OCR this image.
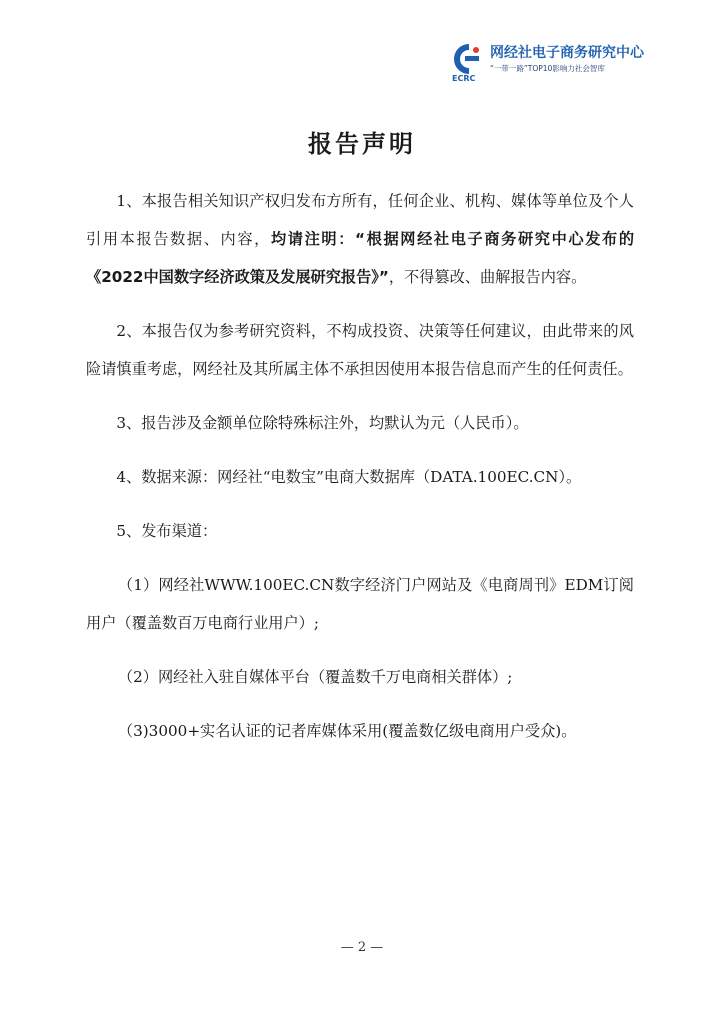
ECRC
网经社电子商务研究中心
“一带一路”TOP10影响力社会智库
报告声明

1、本报告相关知识产权归发布方所有，任何企业、机构、媒体等单位及个人引用本报告数据、内容，均请注明：“根据网经社电子商务研究中心发布的《2022中国数字经济政策及发展研究报告》”，不得篡改、曲解报告内容。

2、本报告仅为参考研究资料，不构成投资、决策等任何建议，由此带来的风险请慎重考虑，网经社及其所属主体不承担因使用本报告信息而产生的任何责任。

3、报告涉及金额单位除特殊标注外，均默认为元（人民币）。

4、数据来源：网经社“电数宝”电商大数据库（DATA.100EC.CN）。

5、发布渠道：

（1）网经社WWW.100EC.CN数字经济门户网站及《电商周刊》EDM订阅用户（覆盖数百万电商行业用户）;

（2）网经社入驻自媒体平台（覆盖数千万电商相关群体）;

（3)3000+实名认证的记者库媒体采用(覆盖数亿级电商用户受众)。

— 2 —
